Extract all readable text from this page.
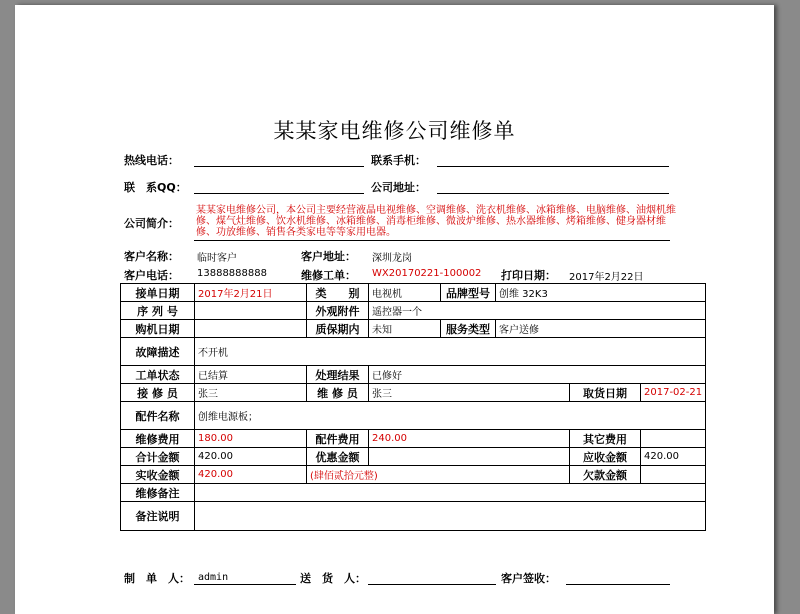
某某家电维修公司维修单
热线电话：	联系手机：
联　系QQ：	公司地址：
公司简介：
某某家电维修公司，本公司主要经营液晶电视维修、空调维修、洗衣机维修、冰箱维修、电脑维修、油烟机维修、煤气灶维修、饮水机维修、冰箱维修、消毒柜维修、微波炉维修、热水器维修、烤箱维修、健身器材维修、功放维修、销售各类家电等等家用电器。
客户名称： 临时客户	客户地址： 深圳龙岗
客户电话： 13888888888	维修工单： WX20170221-100002 打印日期： 2017年2月22日
接单日期	2017年2月21日	类　　别	电视机	品牌型号	创维 32K3		
序 列 号		外观附件	遥控器一个				
购机日期		质保期内	未知	服务类型	客户送修		
故障描述	不开机						
工单状态	已结算	处理结果	已修好				
接 修 员	张三	维 修 员	张三			取货日期	2017-02-21
配件名称	创维电源板；						
维修费用	180.00	配件费用	240.00			其它费用	
合计金额	420.00	优惠金额				应收金额	420.00
实收金额	420.00	(肆佰贰拾元整)				欠款金额	
维修备注							
备注说明							
制　单　人： admin	送　货　人：	客户签收：
